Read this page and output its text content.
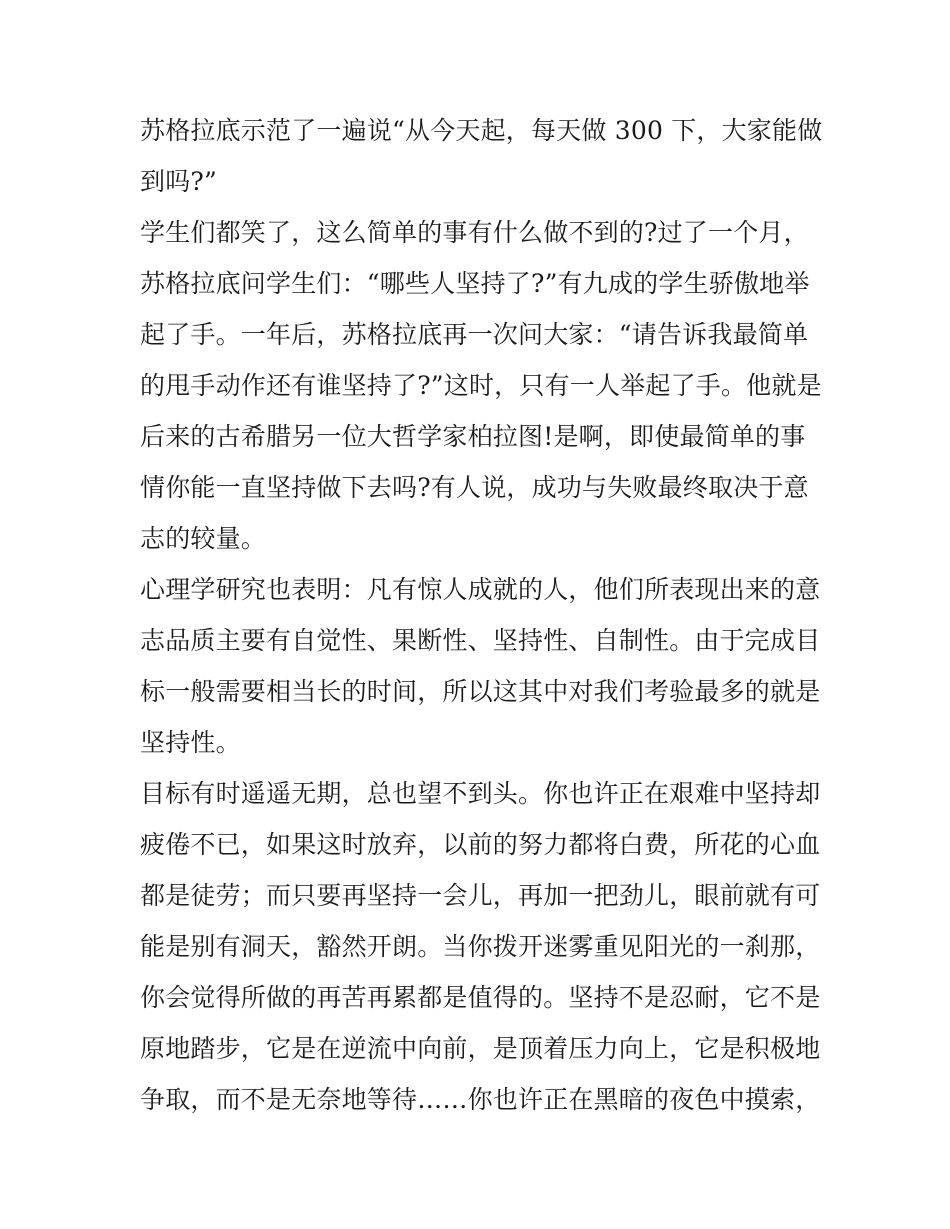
苏格拉底示范了一遍说“从今天起，每天做 300 下，大家能做
到吗?”
学生们都笑了，这么简单的事有什么做不到的?过了一个月，
苏格拉底问学生们：“哪些人坚持了?”有九成的学生骄傲地举
起了手。一年后，苏格拉底再一次问大家：“请告诉我最简单
的甩手动作还有谁坚持了?”这时，只有一人举起了手。他就是
后来的古希腊另一位大哲学家柏拉图!是啊，即使最简单的事
情你能一直坚持做下去吗?有人说，成功与失败最终取决于意
志的较量。
心理学研究也表明：凡有惊人成就的人，他们所表现出来的意
志品质主要有自觉性、果断性、坚持性、自制性。由于完成目
标一般需要相当长的时间，所以这其中对我们考验最多的就是
坚持性。
目标有时遥遥无期，总也望不到头。你也许正在艰难中坚持却
疲倦不已，如果这时放弃，以前的努力都将白费，所花的心血
都是徒劳；而只要再坚持一会儿，再加一把劲儿，眼前就有可
能是别有洞天，豁然开朗。当你拨开迷雾重见阳光的一刹那，
你会觉得所做的再苦再累都是值得的。坚持不是忍耐，它不是
原地踏步，它是在逆流中向前，是顶着压力向上，它是积极地
争取，而不是无奈地等待……你也许正在黑暗的夜色中摸索，
